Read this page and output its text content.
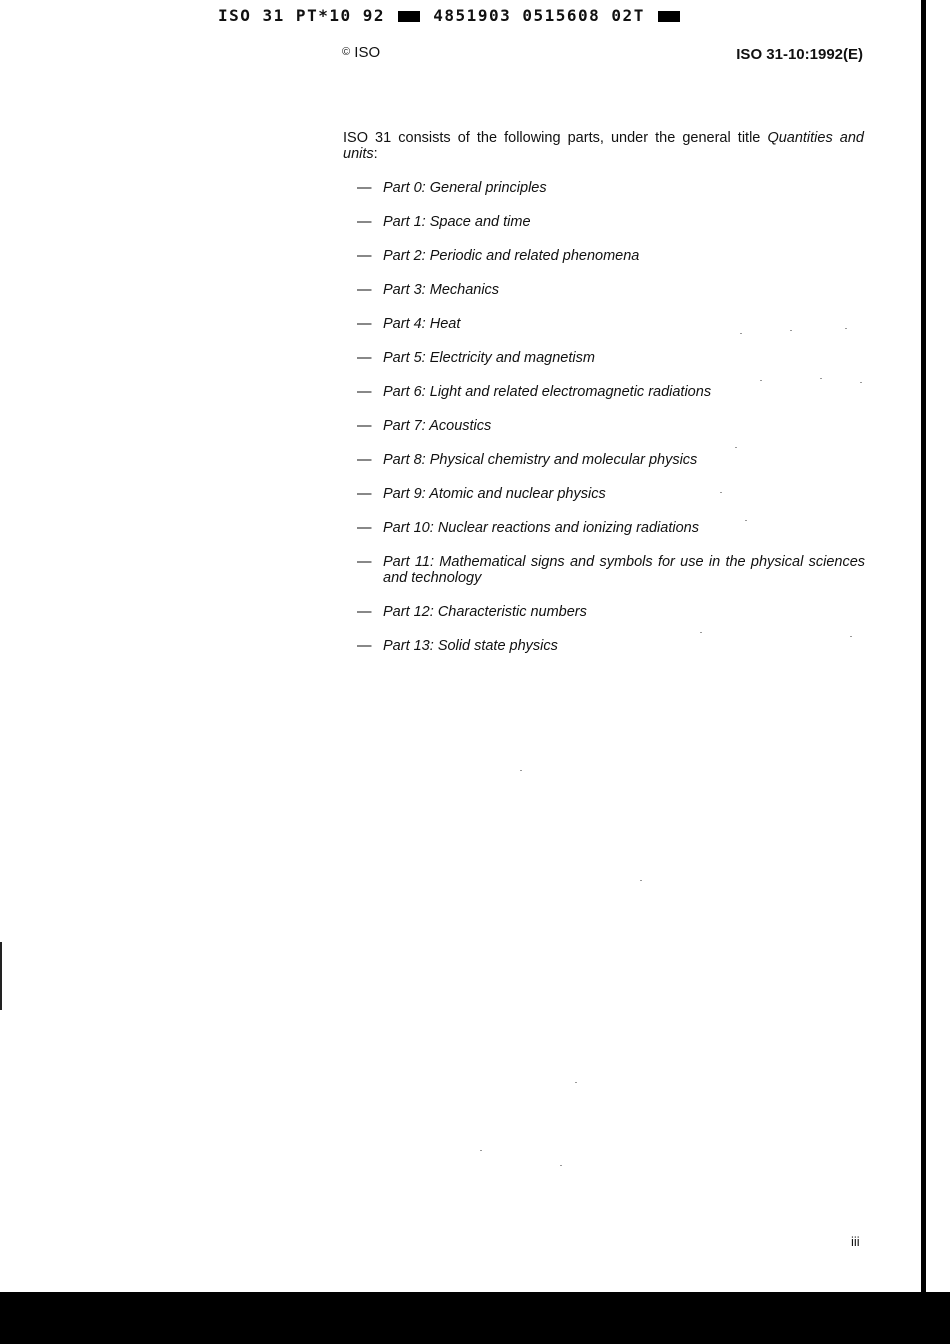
ISO 31 PT*10 92	4851903 0515608 02T
© ISO	ISO 31-10:1992(E)
ISO 31 consists of the following parts, under the general title Quantities and units:
— Part 0: General principles
— Part 1: Space and time
— Part 2: Periodic and related phenomena
— Part 3: Mechanics
— Part 4: Heat
— Part 5: Electricity and magnetism
— Part 6: Light and related electromagnetic radiations
— Part 7: Acoustics
— Part 8: Physical chemistry and molecular physics
— Part 9: Atomic and nuclear physics
— Part 10: Nuclear reactions and ionizing radiations
— Part 11: Mathematical signs and symbols for use in the physical sciences and technology
— Part 12: Characteristic numbers
— Part 13: Solid state physics
iii
